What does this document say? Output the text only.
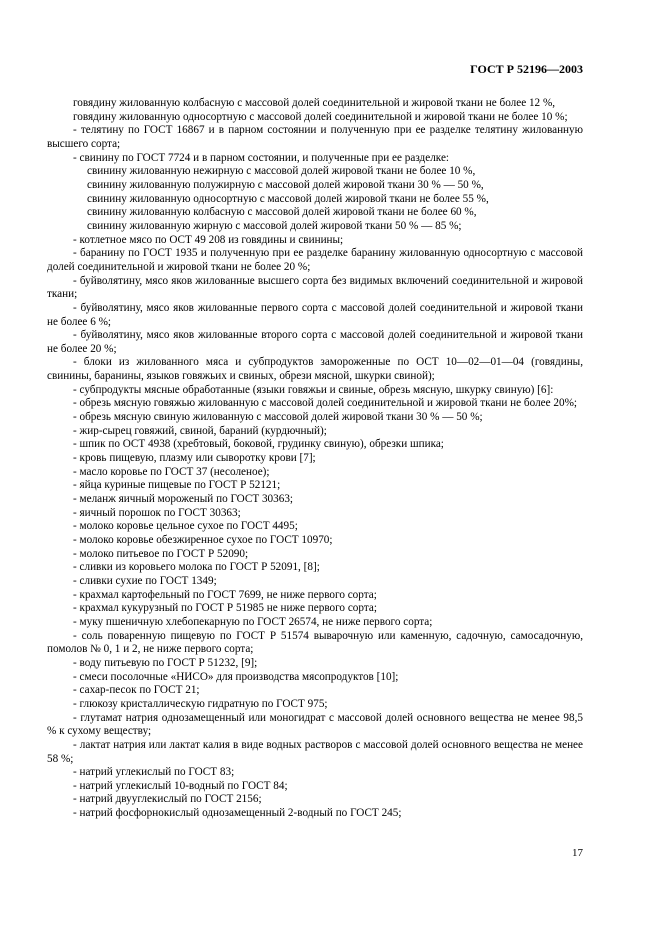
ГОСТ Р 52196—2003

говядину жилованную колбасную с массовой долей соединительной и жировой ткани не более 12 %,

говядину жилованную односортную с массовой долей соединительной и жировой ткани не более 10 %;

- телятину по ГОСТ 16867 и в парном состоянии и полученную при ее разделке телятину жилованную высшего сорта;

- свинину по ГОСТ 7724 и в парном состоянии, и полученные при ее разделке:

свинину жилованную нежирную с массовой долей жировой ткани не более 10 %,

свинину жилованную полужирную с массовой долей жировой ткани 30 % — 50 %,

свинину жилованную односортную с массовой долей жировой ткани не более 55 %,

свинину жилованную колбасную с массовой долей жировой ткани не более 60 %,

свинину жилованную жирную с массовой долей жировой ткани 50 % — 85 %;

- котлетное мясо по ОСТ 49 208 из говядины и свинины;

- баранину по ГОСТ 1935 и полученную при ее разделке баранину жилованную односортную с массовой долей соединительной и жировой ткани не более 20 %;

- буйволятину, мясо яков жилованные высшего сорта без видимых включений соединительной и жировой ткани;

- буйволятину, мясо яков жилованные первого сорта с массовой долей соединительной и жировой ткани не более 6 %;

- буйволятину, мясо яков жилованные второго сорта с массовой долей соединительной и жировой ткани не более 20 %;

- блоки из жилованного мяса и субпродуктов замороженные по ОСТ 10—02—01—04 (говядины, свинины, баранины, языков говяжьих и свиных, обрези мясной, шкурки свиной);

- субпродукты мясные обработанные (языки говяжьи и свиные, обрезь мясную, шкурку свиную) [6]:

- обрезь мясную говяжью жилованную с массовой долей соединительной и жировой ткани не более 20%;

- обрезь мясную свиную жилованную с массовой долей жировой ткани 30 % — 50 %;

- жир-сырец говяжий, свиной, бараний (курдючный);

- шпик по ОСТ 4938 (хребтовый, боковой, грудинку свиную), обрезки шпика;

- кровь пищевую, плазму или сыворотку крови [7];

- масло коровье по ГОСТ 37 (несоленое);

- яйца куриные пищевые по ГОСТ Р 52121;

- меланж яичный мороженый по ГОСТ 30363;

- яичный порошок по ГОСТ 30363;

- молоко коровье цельное сухое по ГОСТ 4495;

- молоко коровье обезжиренное сухое по ГОСТ 10970;

- молоко питьевое по ГОСТ Р 52090;

- сливки из коровьего молока по ГОСТ Р 52091, [8];

- сливки сухие по ГОСТ 1349;

- крахмал картофельный по ГОСТ 7699, не ниже первого сорта;

- крахмал кукурузный по ГОСТ Р 51985 не ниже первого сорта;

- муку пшеничную хлебопекарную по ГОСТ 26574, не ниже первого сорта;

- соль поваренную пищевую по ГОСТ Р 51574 выварочную или каменную, садочную, самосадочную, помолов № 0, 1 и 2, не ниже первого сорта;

- воду питьевую по ГОСТ Р 51232, [9];

- смеси посолочные «НИСО» для производства мясопродуктов [10];

- сахар-песок по ГОСТ 21;

- глюкозу кристаллическую гидратную по ГОСТ 975;

- глутамат натрия однозамещенный или моногидрат с массовой долей основного вещества не менее 98,5 % к сухому веществу;

- лактат натрия или лактат калия в виде водных растворов с массовой долей основного вещества не менее 58 %;

- натрий углекислый по ГОСТ 83;

- натрий углекислый 10-водный по ГОСТ 84;

- натрий двууглекислый по ГОСТ 2156;

- натрий фосфорнокислый однозамещенный 2-водный по ГОСТ 245;

17
